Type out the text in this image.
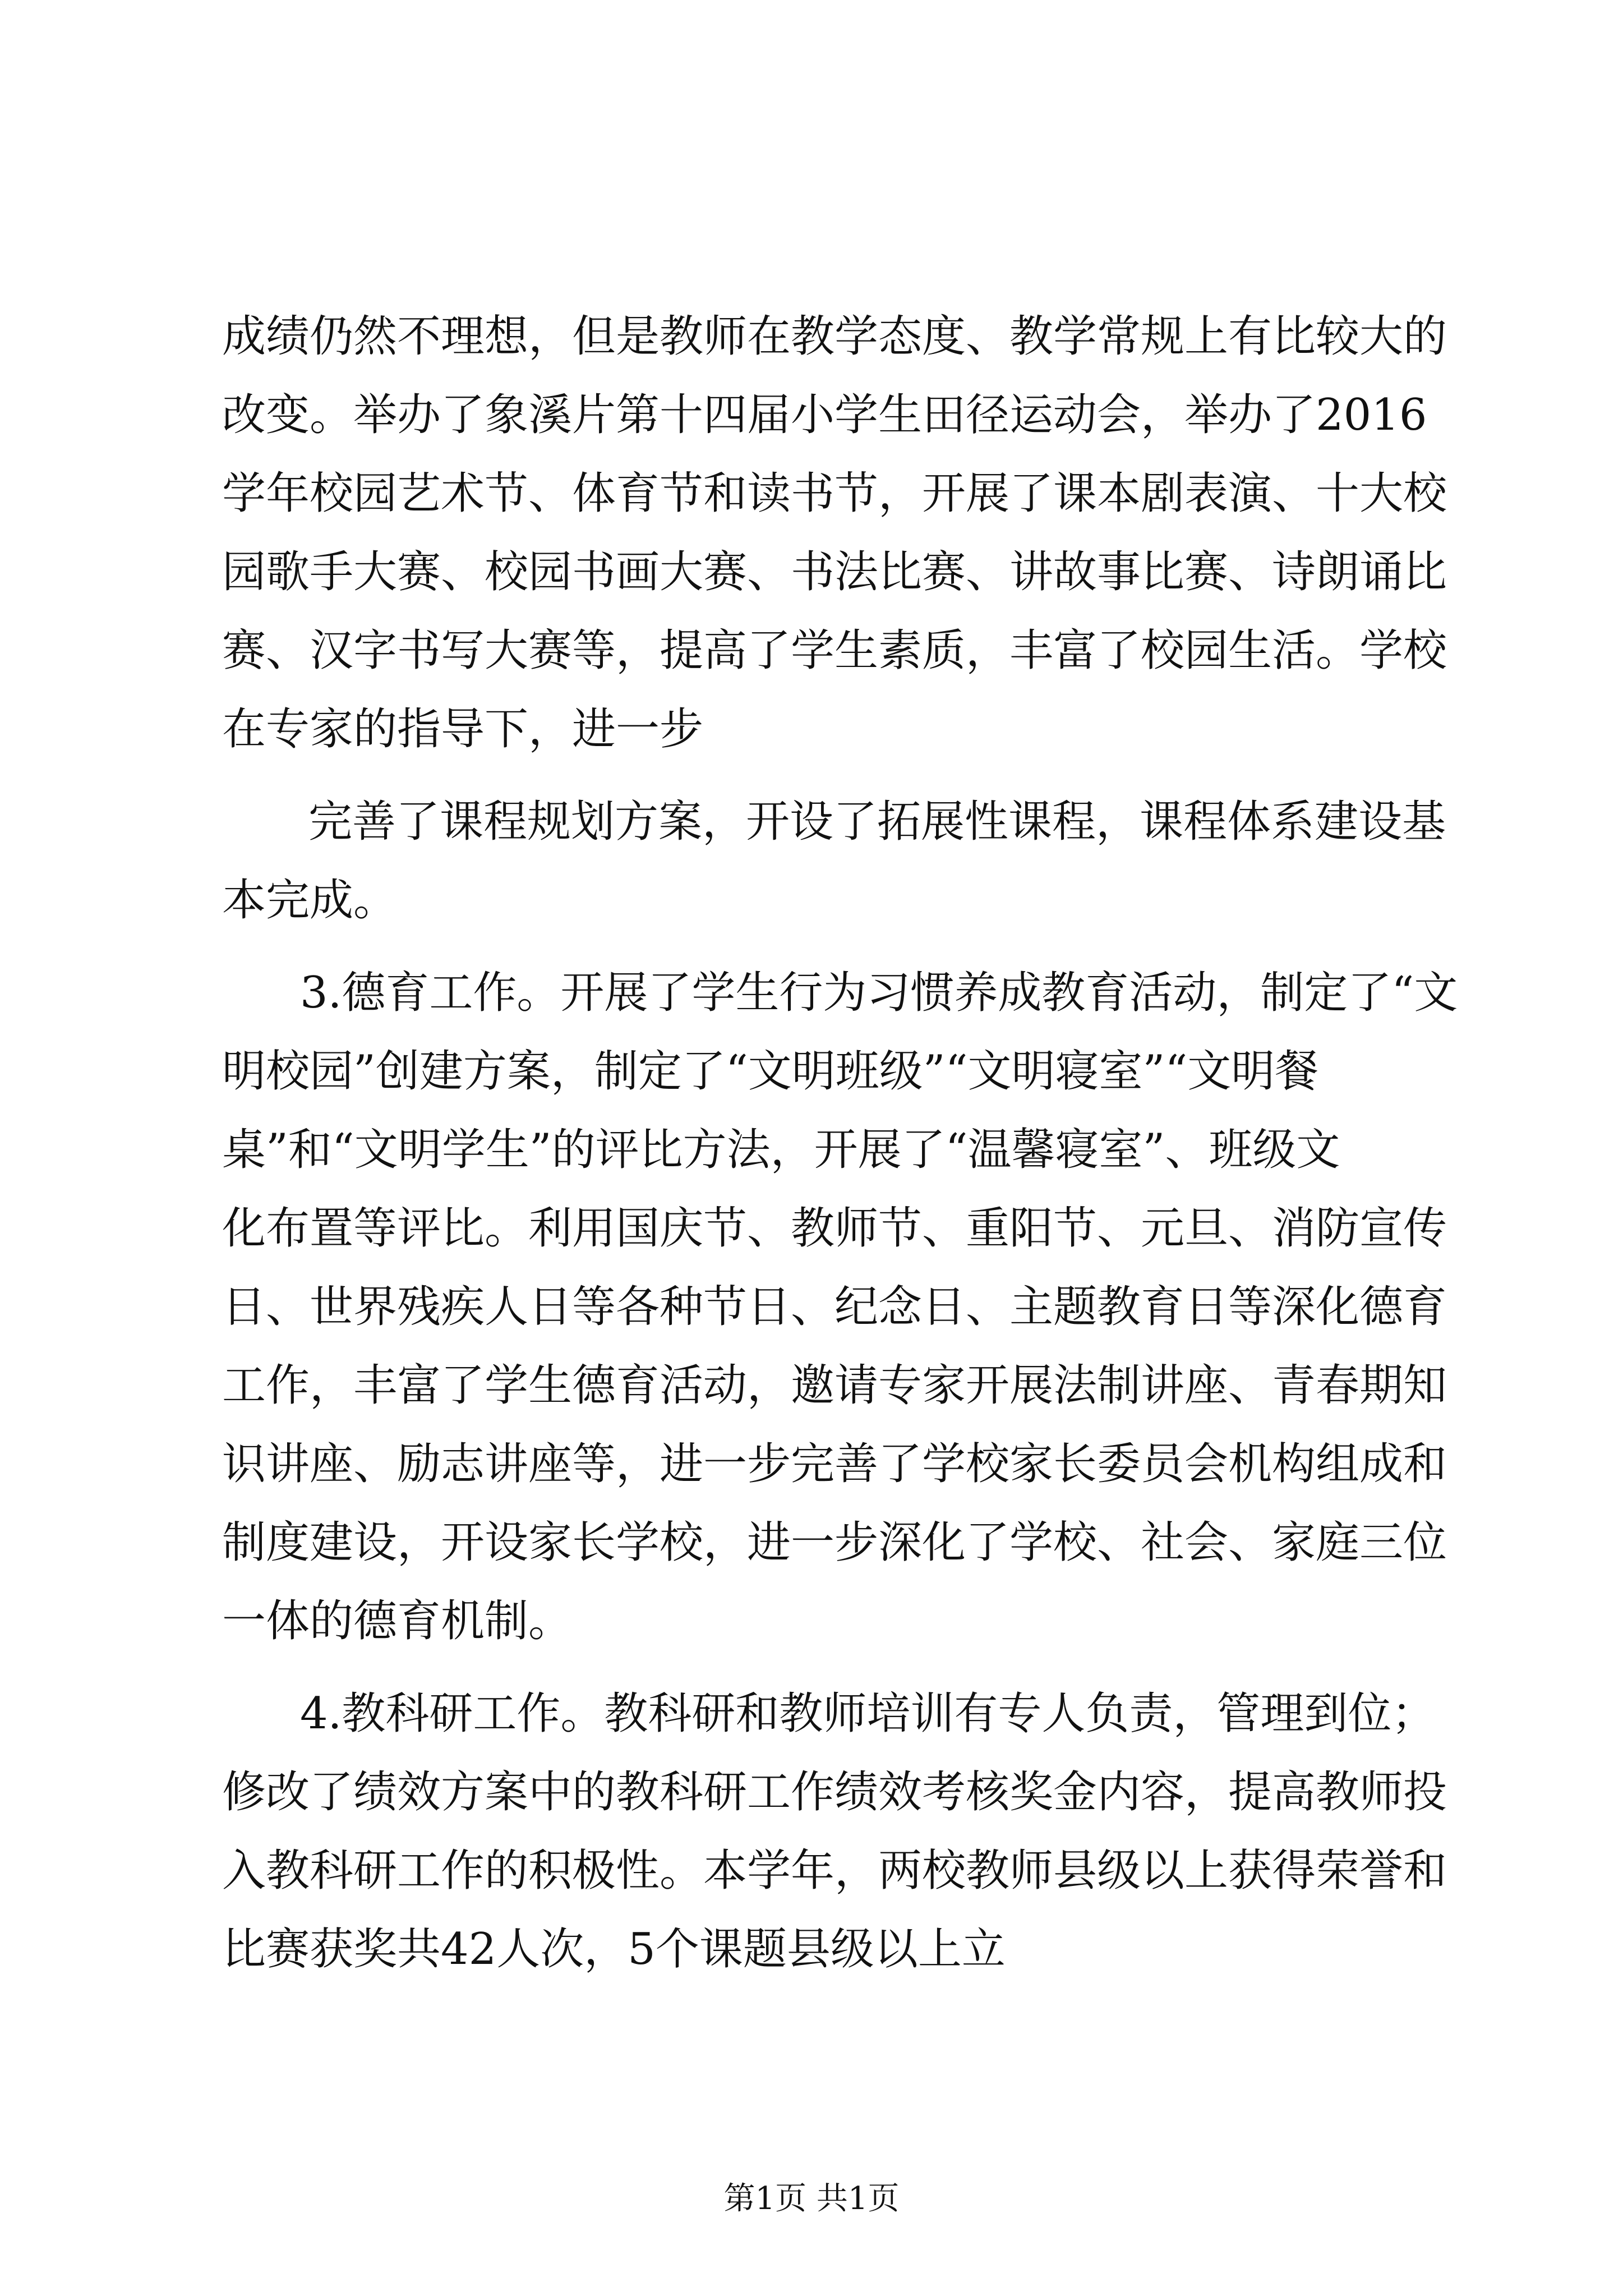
成绩仍然不理想，但是教师在教学态度、教学常规上有比较大的

改变。举办了象溪片第十四届小学生田径运动会，举办了2016

学年校园艺术节、体育节和读书节，开展了课本剧表演、十大校

园歌手大赛、校园书画大赛、书法比赛、讲故事比赛、诗朗诵比

赛、汉字书写大赛等，提高了学生素质，丰富了校园生活。学校

在专家的指导下，进一步

完善了课程规划方案，开设了拓展性课程，课程体系建设基

本完成。

3.德育工作。开展了学生行为习惯养成教育活动，制定了“文

明校园”创建方案，制定了“文明班级”“文明寝室”“文明餐

桌”和“文明学生”的评比方法，开展了“温馨寝室”、班级文

化布置等评比。利用国庆节、教师节、重阳节、元旦、消防宣传

日、世界残疾人日等各种节日、纪念日、主题教育日等深化德育

工作，丰富了学生德育活动，邀请专家开展法制讲座、青春期知

识讲座、励志讲座等，进一步完善了学校家长委员会机构组成和

制度建设，开设家长学校，进一步深化了学校、社会、家庭三位

一体的德育机制。

4.教科研工作。教科研和教师培训有专人负责，管理到位；

修改了绩效方案中的教科研工作绩效考核奖金内容，提高教师投

入教科研工作的积极性。本学年，两校教师县级以上获得荣誉和

比赛获奖共42人次，5个课题县级以上立

第1页 共1页
